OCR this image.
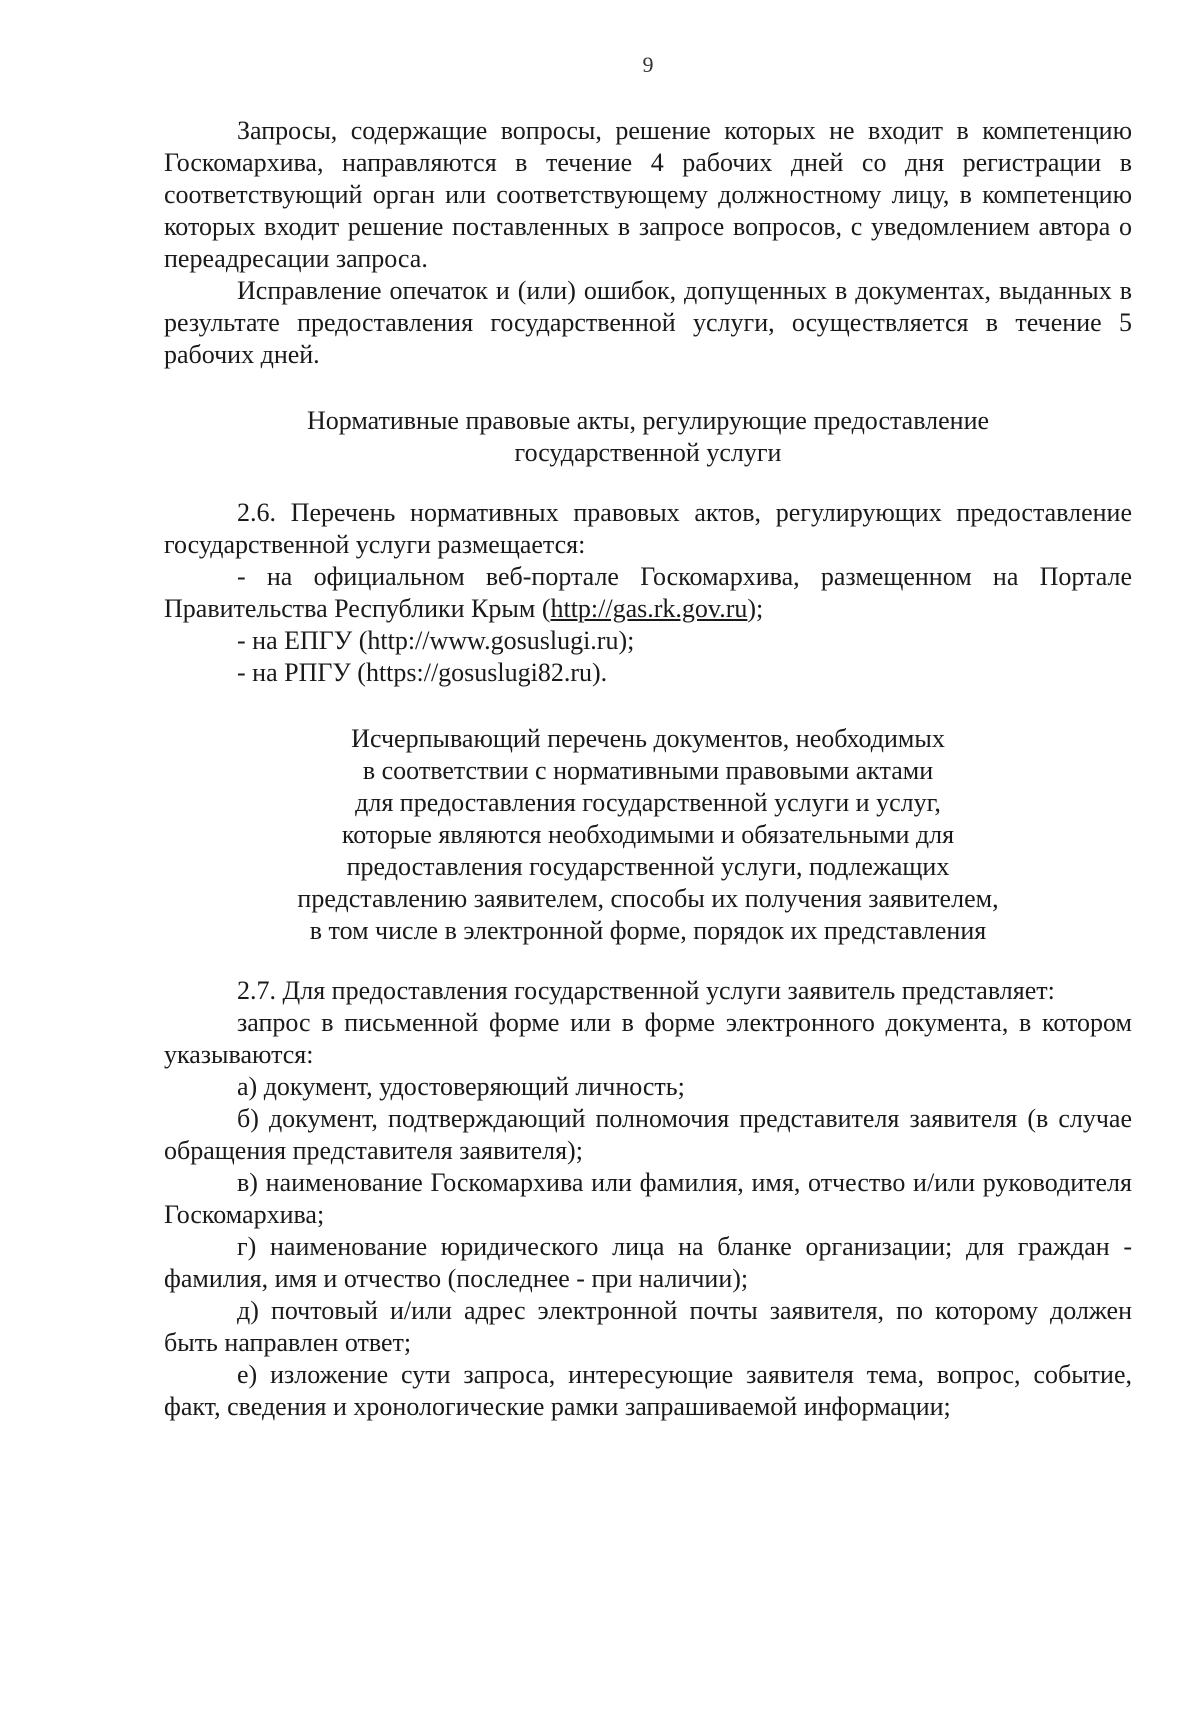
9

Запросы, содержащие вопросы, решение которых не входит в компетенцию Госкомархива, направляются в течение 4 рабочих дней со дня регистрации в соответствующий орган или соответствующему должностному лицу, в компетенцию которых входит решение поставленных в запросе вопросов, с уведомлением автора о переадресации запроса.

Исправление опечаток и (или) ошибок, допущенных в документах, выданных в результате предоставления государственной услуги, осуществляется в течение 5 рабочих дней.

Нормативные правовые акты, регулирующие предоставление
государственной услуги

2.6. Перечень нормативных правовых актов, регулирующих предоставление государственной услуги размещается:

- на официальном веб-портале Госкомархива, размещенном на Портале Правительства Республики Крым (http://gas.rk.gov.ru);

- на ЕПГУ (http://www.gosuslugi.ru);

- на РПГУ (https://gosuslugi82.ru).

Исчерпывающий перечень документов, необходимых
в соответствии с нормативными правовыми актами
для предоставления государственной услуги и услуг,
которые являются необходимыми и обязательными для
предоставления государственной услуги, подлежащих
представлению заявителем, способы их получения заявителем,
в том числе в электронной форме, порядок их представления

2.7. Для предоставления государственной услуги заявитель представляет:

запрос в письменной форме или в форме электронного документа, в котором указываются:

а) документ, удостоверяющий личность;

б) документ, подтверждающий полномочия представителя заявителя (в случае обращения представителя заявителя);

в) наименование Госкомархива или фамилия, имя, отчество и/или руководителя Госкомархива;

г) наименование юридического лица на бланке организации; для граждан - фамилия, имя и отчество (последнее - при наличии);

д) почтовый и/или адрес электронной почты заявителя, по которому должен быть направлен ответ;

е) изложение сути запроса, интересующие заявителя тема, вопрос, событие, факт, сведения и хронологические рамки запрашиваемой информации;
